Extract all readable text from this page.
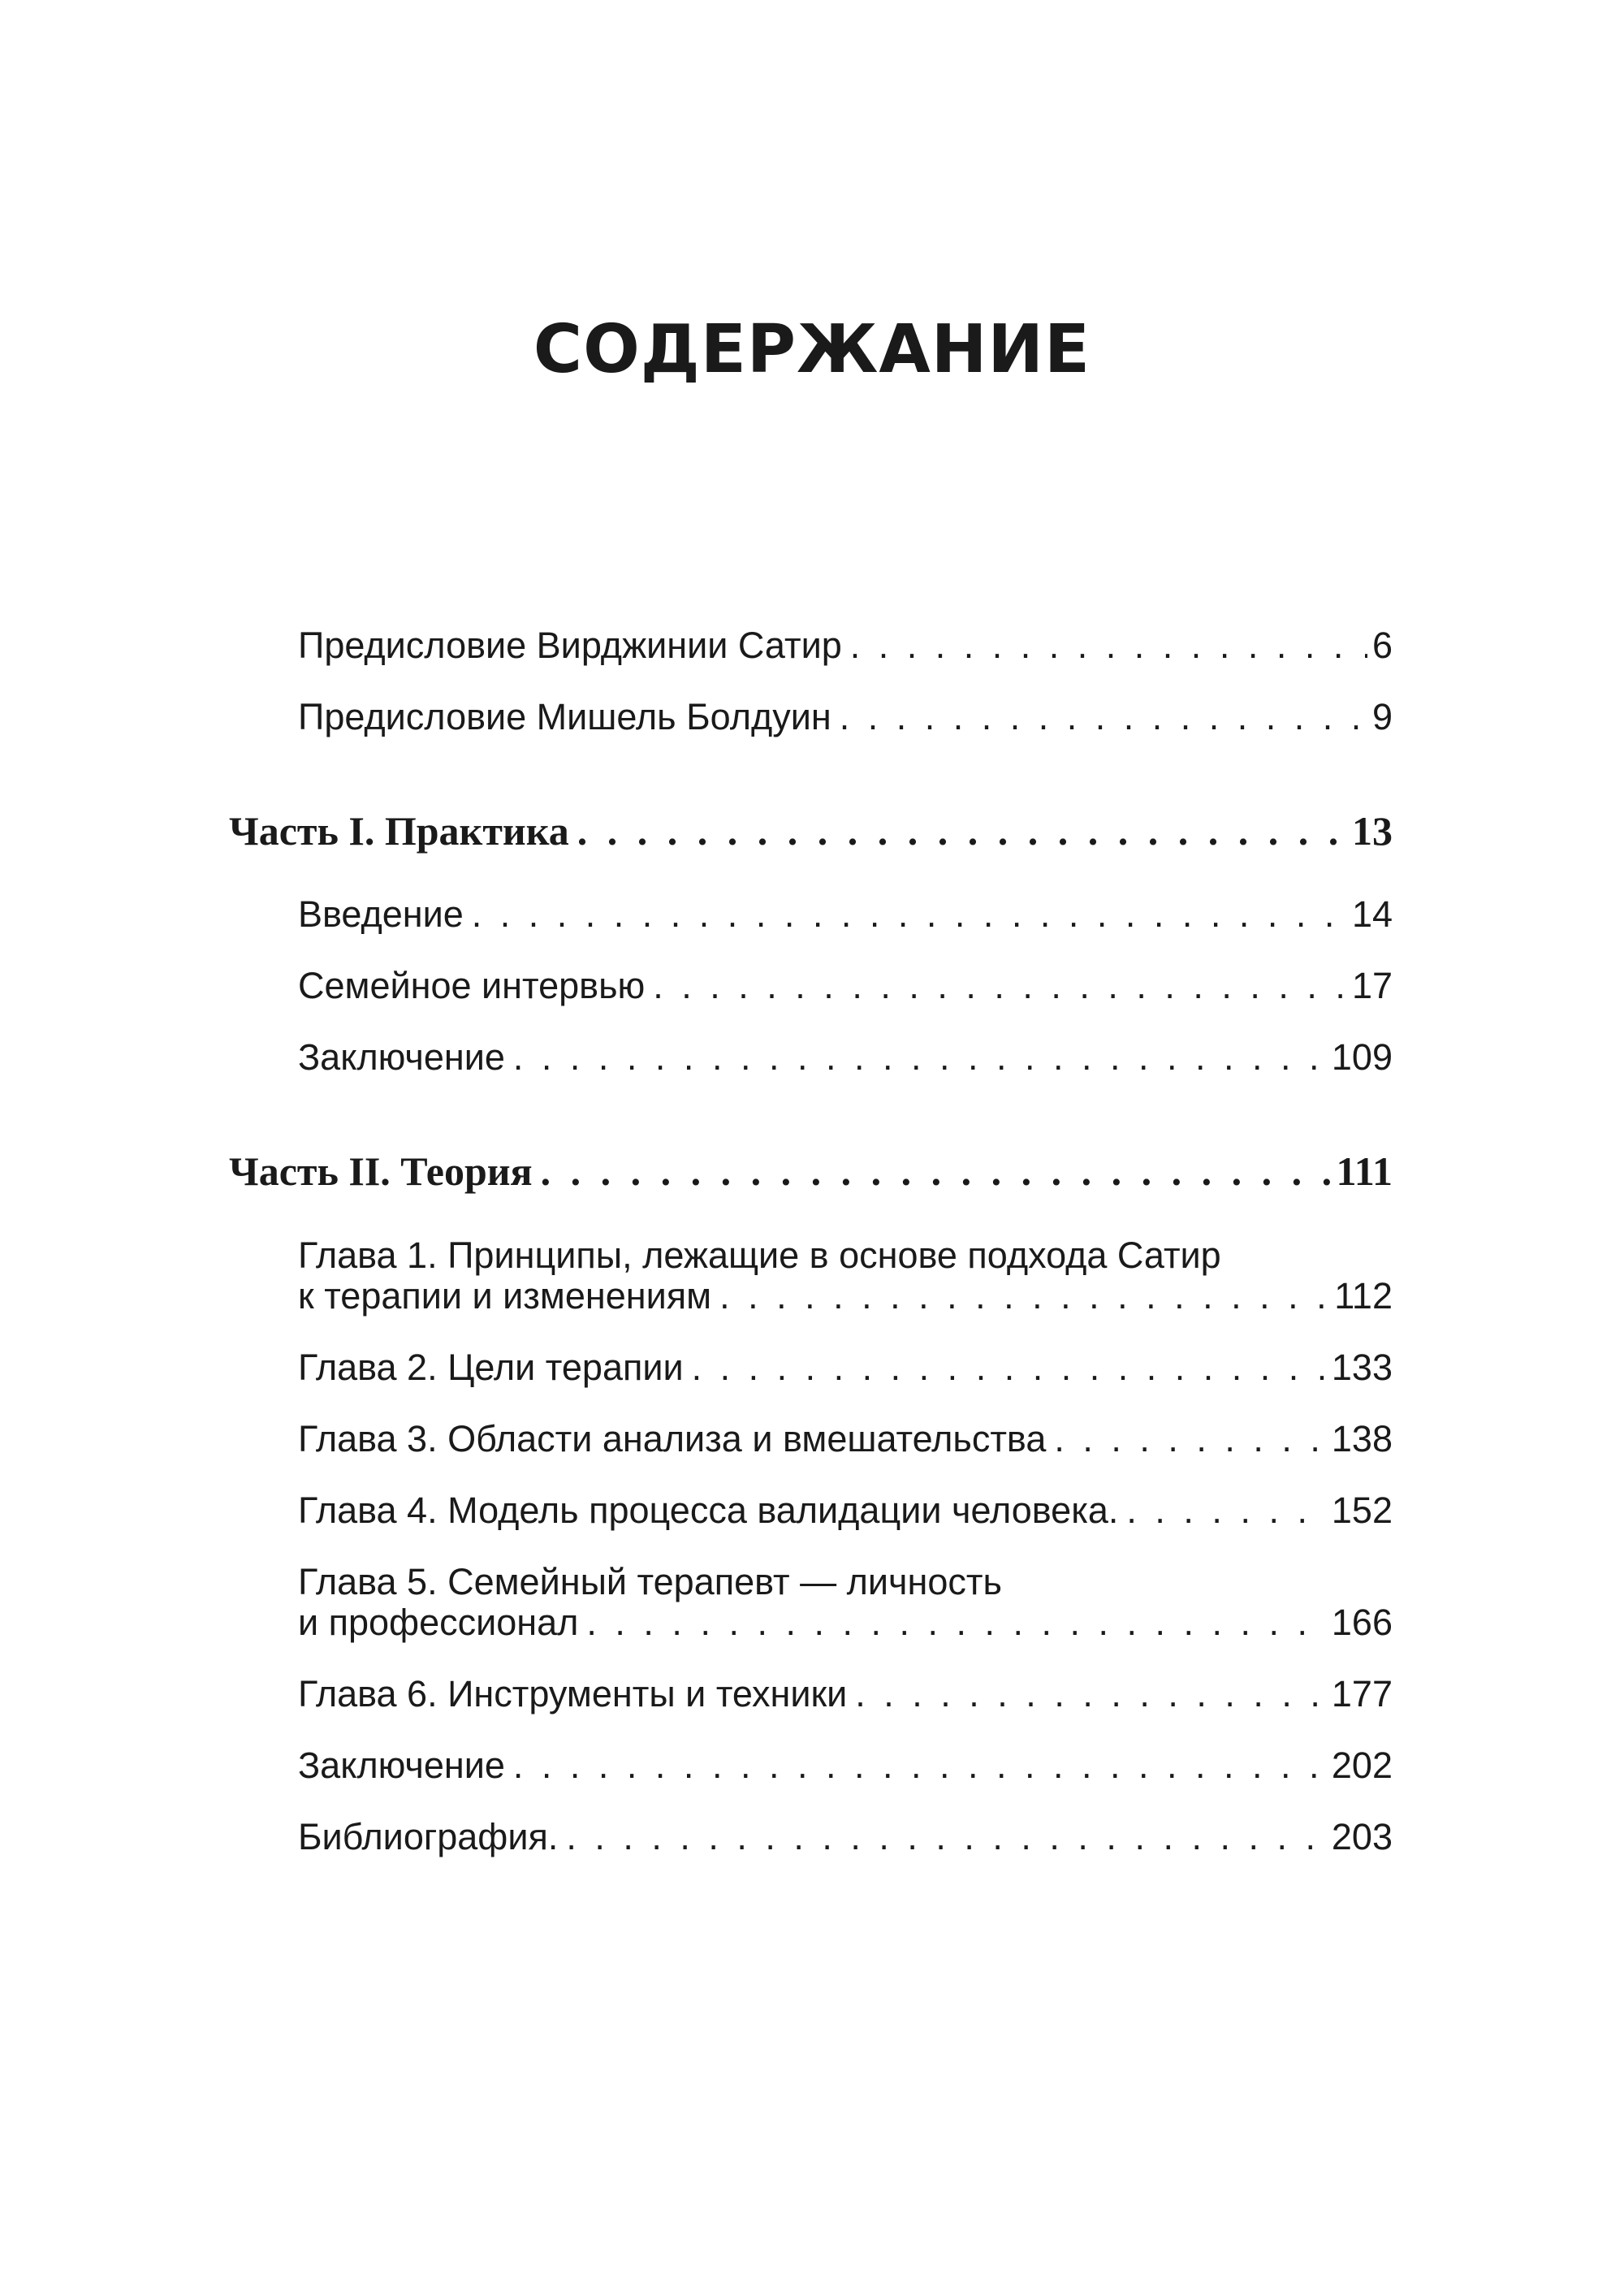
СОДЕРЖАНИЕ
Предисловие Вирджинии Сатир . . .	6
Предисловие Мишель Болдуин . . .	9
Часть I. Практика . . .	13
Введение . . .	14
Семейное интервью . . .	17
Заключение . . .	109
Часть II. Теория . . .	111
Глава 1. Принципы, лежащие в основе подхода Сатир
к терапии и изменениям . . .	112
Глава 2. Цели терапии . . .	133
Глава 3. Области анализа и вмешательства . . .	138
Глава 4. Модель процесса валидации человека. . . .	152
Глава 5. Семейный терапевт — личность
и профессионал . . .	166
Глава 6. Инструменты и техники . . .	177
Заключение . . .	202
Библиография. . . .	203
